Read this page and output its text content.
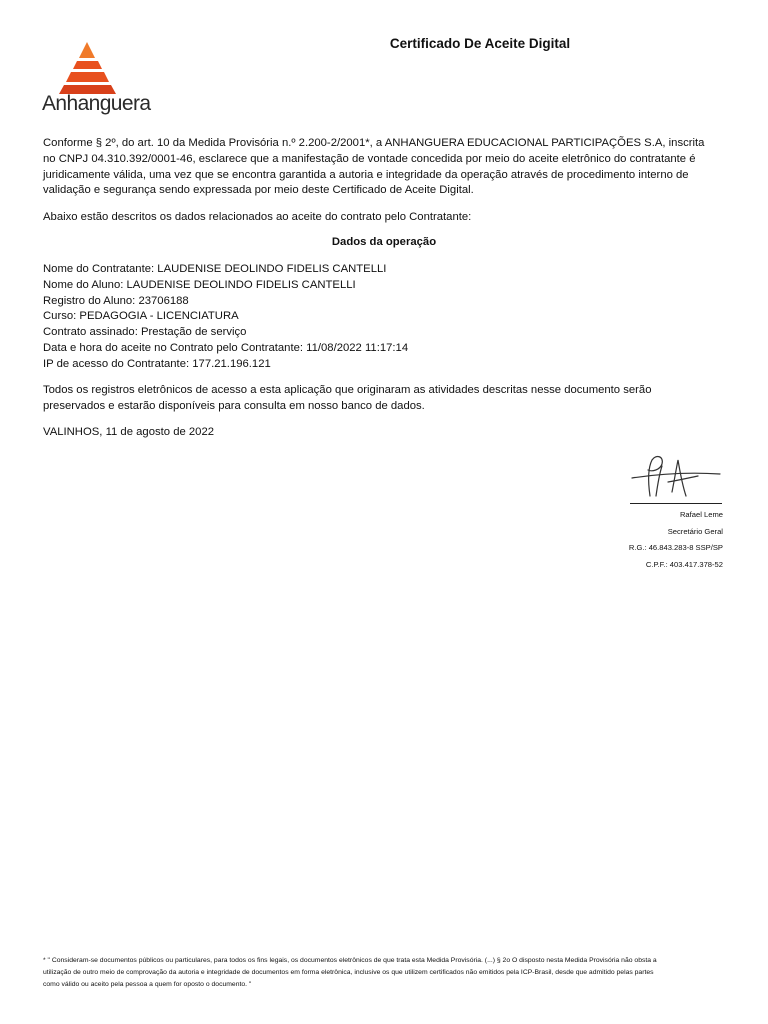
Anhanguera
Certificado De Aceite Digital
Conforme § 2º, do art. 10 da Medida Provisória n.º 2.200-2/2001*, a ANHANGUERA EDUCACIONAL PARTICIPAÇÕES S.A, inscrita
no CNPJ 04.310.392/0001-46, esclarece que a manifestação de vontade concedida por meio do aceite eletrônico do contratante é
juridicamente válida, uma vez que se encontra garantida a autoria e integridade da operação através de procedimento interno de
validação e segurança sendo expressada por meio deste Certificado de Aceite Digital.
Abaixo estão descritos os dados relacionados ao aceite do contrato pelo Contratante:
Dados da operação
Nome do Contratante: LAUDENISE DEOLINDO FIDELIS CANTELLI
Nome do Aluno: LAUDENISE DEOLINDO FIDELIS CANTELLI
Registro do Aluno: 23706188
Curso: PEDAGOGIA - LICENCIATURA
Contrato assinado: Prestação de serviço
Data e hora do aceite no Contrato pelo Contratante: 11/08/2022 11:17:14
IP de acesso do Contratante: 177.21.196.121
Todos os registros eletrônicos de acesso a esta aplicação que originaram as atividades descritas nesse documento serão
preservados e estarão disponíveis para consulta em nosso banco de dados.
VALINHOS, 11 de agosto de 2022
Rafael Leme
Secretário Geral
R.G.: 46.843.283-8 SSP/SP
C.P.F.: 403.417.378-52
* " Consideram-se documentos públicos ou particulares, para todos os fins legais, os documentos eletrônicos de que trata esta Medida Provisória. (...) § 2o O disposto nesta Medida Provisória não obsta a
utilização de outro meio de comprovação da autoria e integridade de documentos em forma eletrônica, inclusive os que utilizem certificados não emitidos pela ICP-Brasil, desde que admitido pelas partes
como válido ou aceito pela pessoa a quem for oposto o documento. "
